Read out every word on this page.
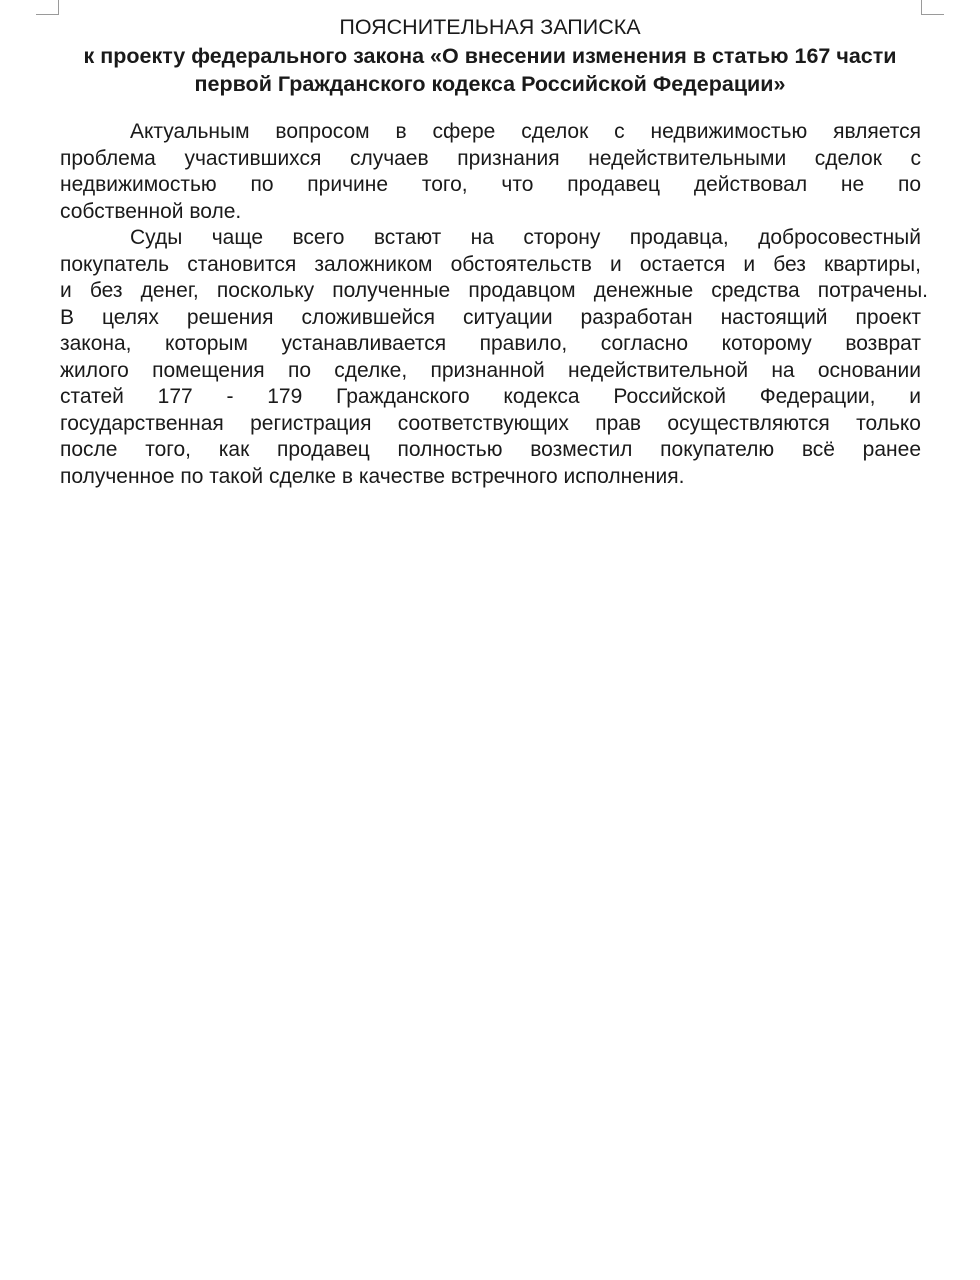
ПОЯСНИТЕЛЬНАЯ ЗАПИСКА
к проекту федерального закона «О внесении изменения в статью 167 части
первой Гражданского кодекса Российской Федерации»
Актуальным вопросом в сфере сделок с недвижимостью является
проблема участившихся случаев признания недействительными сделок с
недвижимостью по причине того, что продавец действовал не по
собственной воле.
Суды чаще всего встают на сторону продавца, добросовестный
покупатель становится заложником обстоятельств и остается и без квартиры,
и без денег, поскольку полученные продавцом денежные средства потрачены.
В целях решения сложившейся ситуации разработан настоящий проект
закона, которым устанавливается правило, согласно которому возврат
жилого помещения по сделке, признанной недействительной на основании
статей 177 - 179 Гражданского кодекса Российской Федерации, и
государственная регистрация соответствующих прав осуществляются только
после того, как продавец полностью возместил покупателю всё ранее
полученное по такой сделке в качестве встречного исполнения.
